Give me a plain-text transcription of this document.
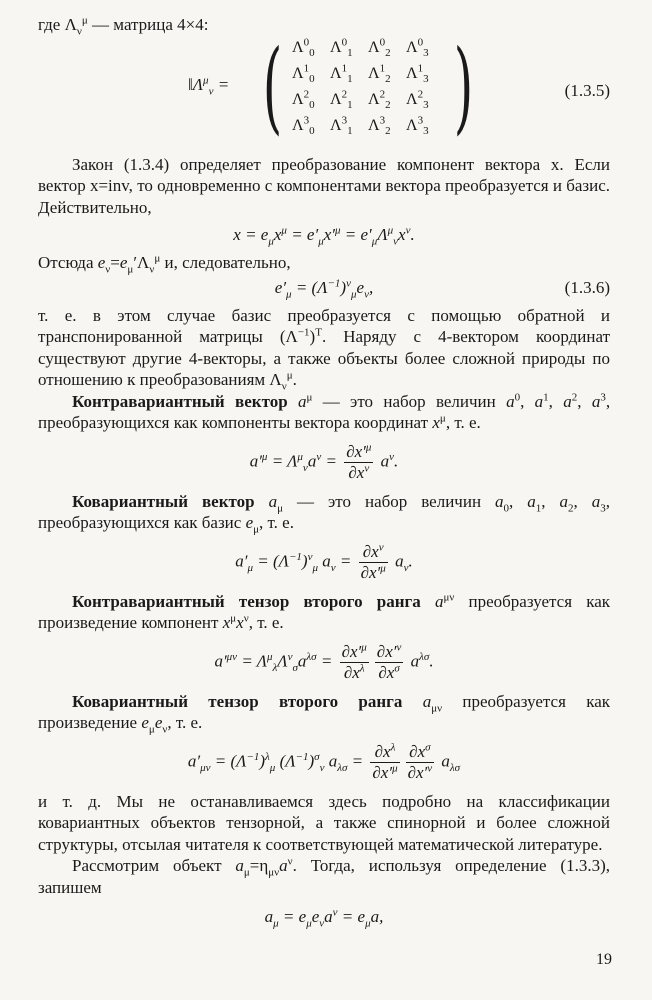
где $\Lambda_\nu^\mu$ — матрица 4×4:

$‖\Lambda^\mu_\nu$ = ( $\Lambda^0_0$ $\Lambda^0_1$ $\Lambda^0_2$ $\Lambda^0_3$
$\Lambda^1_0$ $\Lambda^1_1$ $\Lambda^1_2$ $\Lambda^1_3$
$\Lambda^2_0$ $\Lambda^2_1$ $\Lambda^2_2$ $\Lambda^2_3$
$\Lambda^3_0$ $\Lambda^3_1$ $\Lambda^3_2$ $\Lambda^3_3$ )	(1.3.5)

Закон (1.3.4) определяет преобразование компонент вектора x. Если вектор x=inv, то одновременно с компонентами вектора преобразуется и базис. Действительно,

$x = e_\mu x^\mu = e'_\mu x'^\mu = e'_\mu\Lambda^\mu_\nu x^\nu$.

Отсюда $e_\nu=e_\mu'\Lambda_\nu^\mu$ и, следовательно,

$e'_\mu = (\Lambda^{-1})^\nu_\mu e_\nu$,	(1.3.6)

т. е. в этом случае базис преобразуется с помощью обратной и транспонированной матрицы $(\Lambda^{-1})^T$. Наряду с 4-вектором координат существуют другие 4-векторы, а также объекты более сложной природы по отношению к преобразованиям $\Lambda_\nu^\mu$.

Контравариантный вектор $a^\mu$ — это набор величин $a^0$, $a^1$, $a^2$, $a^3$, преобразующихся как компоненты вектора координат $x^\mu$, т. е.

$a'^\mu = \Lambda^\mu_\nu a^\nu = \frac{\partial x'^\mu}{\partial x^\nu} a^\nu$.

Ковариантный вектор $a_\mu$ — это набор величин $a_0$, $a_1$, $a_2$, $a_3$, преобразующихся как базис $e_\mu$, т. е.

$a'_\mu = (\Lambda^{-1})^\nu_\mu$ $a_\nu = \frac{\partial x^\nu}{\partial x'^\mu} a_\nu$.

Контравариантный тензор второго ранга $a^{\mu\nu}$ преобразуется как произведение компонент $x^\mu x^\nu$, т. е.

$a'^{\mu\nu} = \Lambda^\mu_\lambda\Lambda^\nu_\sigma a^{\lambda\sigma} = \frac{\partial x'^\mu}{\partial x^\lambda} \frac{\partial x'^\nu}{\partial x^\sigma} a^{\lambda\sigma}$.

Ковариантный тензор второго ранга $a_{\mu\nu}$ преобразуется как произведение $e_\mu e_\nu$, т. е.

$a'_{\mu\nu} = (\Lambda^{-1})^\lambda_\mu$ $(\Lambda^{-1})^\sigma_\nu$ $a_{\lambda\sigma} = \frac{\partial x^\lambda}{\partial x'^\mu} \frac{\partial x^\sigma}{\partial x'^\nu} a_{\lambda\sigma}$

и т. д. Мы не останавливаемся здесь подробно на классификации ковариантных объектов тензорной, а также спинорной и более сложной структуры, отсылая читателя к соответствующей математической литературе.

Рассмотрим объект $a_\mu=\eta_{\mu\nu}a^\nu$. Тогда, используя определение (1.3.3), запишем

$a_\mu = e_\mu e_\nu a^\nu = e_\mu a$,

19
